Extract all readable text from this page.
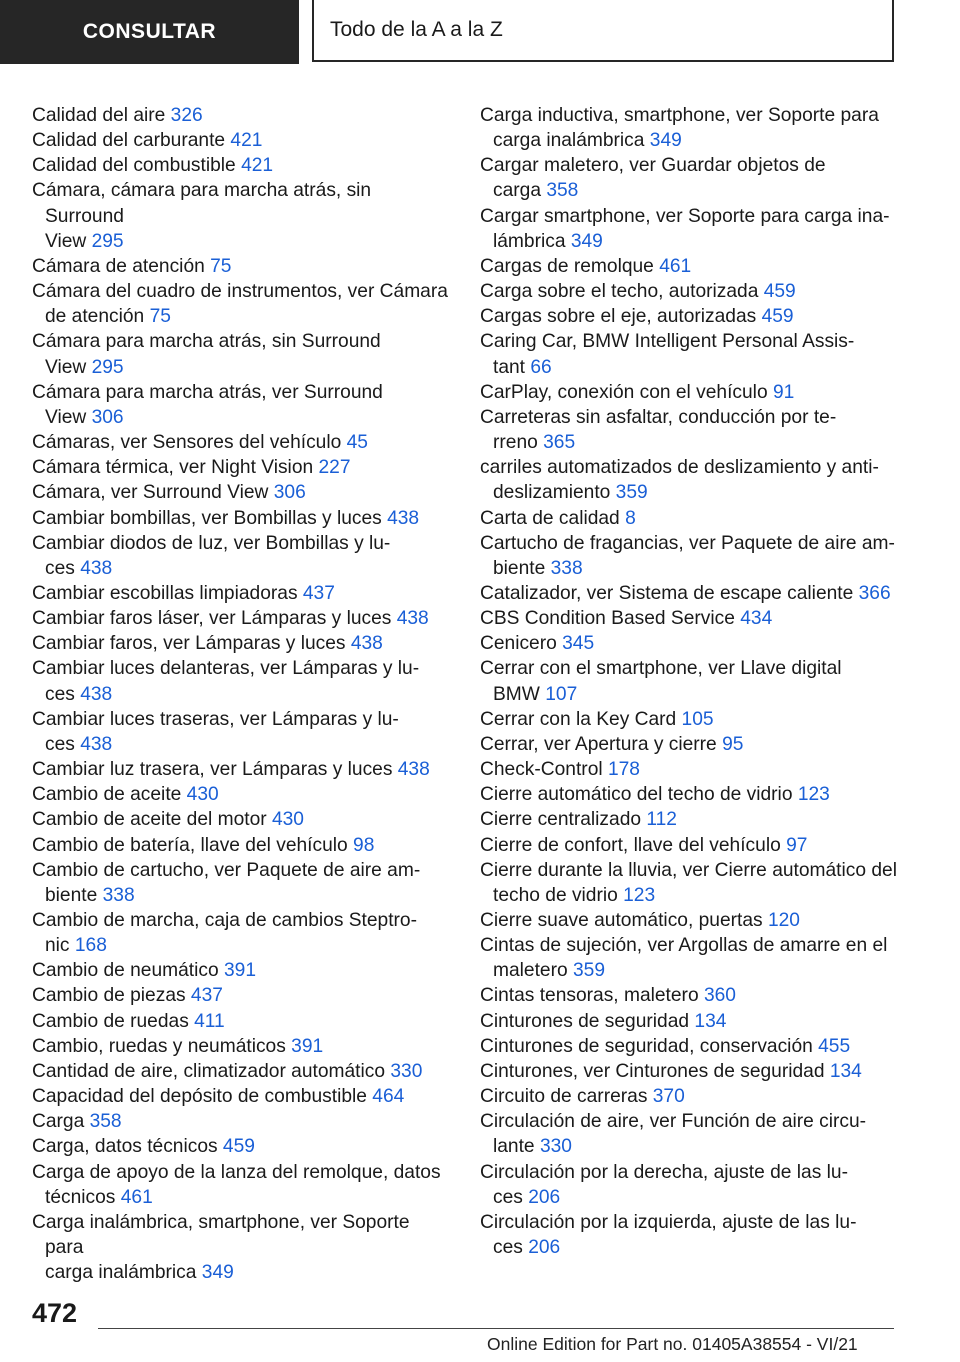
CONSULTAR	Todo de la A a la Z
Calidad del aire 326
Calidad del carburante 421
Calidad del combustible 421
Cámara, cámara para marcha atrás, sin Surround
View 295
Cámara de atención 75
Cámara del cuadro de instrumentos, ver Cámara
de atención 75
Cámara para marcha atrás, sin Surround
View 295
Cámara para marcha atrás, ver Surround
View 306
Cámaras, ver Sensores del vehículo 45
Cámara térmica, ver Night Vision 227
Cámara, ver Surround View 306
Cambiar bombillas, ver Bombillas y luces 438
Cambiar diodos de luz, ver Bombillas y lu-
ces 438
Cambiar escobillas limpiadoras 437
Cambiar faros láser, ver Lámparas y luces 438
Cambiar faros, ver Lámparas y luces 438
Cambiar luces delanteras, ver Lámparas y lu-
ces 438
Cambiar luces traseras, ver Lámparas y lu-
ces 438
Cambiar luz trasera, ver Lámparas y luces 438
Cambio de aceite 430
Cambio de aceite del motor 430
Cambio de batería, llave del vehículo 98
Cambio de cartucho, ver Paquete de aire am-
biente 338
Cambio de marcha, caja de cambios Steptro-
nic 168
Cambio de neumático 391
Cambio de piezas 437
Cambio de ruedas 411
Cambio, ruedas y neumáticos 391
Cantidad de aire, climatizador automático 330
Capacidad del depósito de combustible 464
Carga 358
Carga, datos técnicos 459
Carga de apoyo de la lanza del remolque, datos
técnicos 461
Carga inalámbrica, smartphone, ver Soporte para
carga inalámbrica 349
Carga inductiva, smartphone, ver Soporte para
carga inalámbrica 349
Cargar maletero, ver Guardar objetos de
carga 358
Cargar smartphone, ver Soporte para carga ina-
lámbrica 349
Cargas de remolque 461
Carga sobre el techo, autorizada 459
Cargas sobre el eje, autorizadas 459
Caring Car, BMW Intelligent Personal Assis-
tant 66
CarPlay, conexión con el vehículo 91
Carreteras sin asfaltar, conducción por te-
rreno 365
carriles automatizados de deslizamiento y anti-
deslizamiento 359
Carta de calidad 8
Cartucho de fragancias, ver Paquete de aire am-
biente 338
Catalizador, ver Sistema de escape caliente 366
CBS Condition Based Service 434
Cenicero 345
Cerrar con el smartphone, ver Llave digital
BMW 107
Cerrar con la Key Card 105
Cerrar, ver Apertura y cierre 95
Check-Control 178
Cierre automático del techo de vidrio 123
Cierre centralizado 112
Cierre de confort, llave del vehículo 97
Cierre durante la lluvia, ver Cierre automático del
techo de vidrio 123
Cierre suave automático, puertas 120
Cintas de sujeción, ver Argollas de amarre en el
maletero 359
Cintas tensoras, maletero 360
Cinturones de seguridad 134
Cinturones de seguridad, conservación 455
Cinturones, ver Cinturones de seguridad 134
Circuito de carreras 370
Circulación de aire, ver Función de aire circu-
lante 330
Circulación por la derecha, ajuste de las lu-
ces 206
Circulación por la izquierda, ajuste de las lu-
ces 206
472
Online Edition for Part no. 01405A38554 - VI/21
